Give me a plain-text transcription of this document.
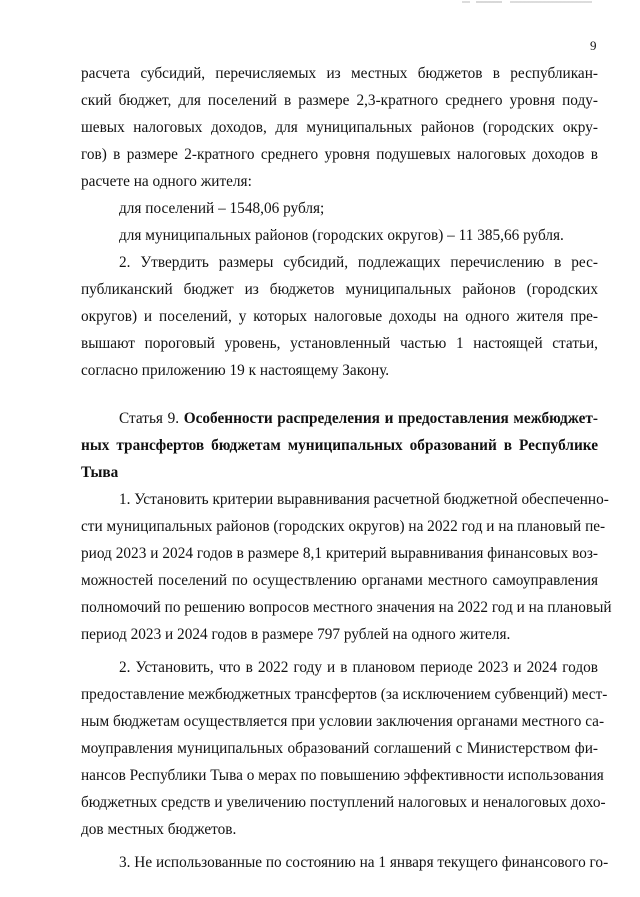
9
расчета субсидий, перечисляемых из местных бюджетов в республикан-
ский бюджет, для поселений в размере 2,3-кратного среднего уровня поду-
шевых налоговых доходов, для муниципальных районов (городских окру-
гов) в размере 2-кратного среднего уровня подушевых налоговых доходов в
расчете на одного жителя:
для поселений – 1548,06 рубля;
для муниципальных районов (городских округов) – 11 385,66 рубля.
2. Утвердить размеры субсидий, подлежащих перечислению в рес-
публиканский бюджет из бюджетов муниципальных районов (городских
округов) и поселений, у которых налоговые доходы на одного жителя пре-
вышают пороговый уровень, установленный частью 1 настоящей статьи,
согласно приложению 19 к настоящему Закону.
Статья 9. Особенности распределения и предоставления межбюджет-
ных трансфертов бюджетам муниципальных образований в Республике
Тыва
1. Установить критерии выравнивания расчетной бюджетной обеспеченно-
сти муниципальных районов (городских округов) на 2022 год и на плановый пе-
риод 2023 и 2024 годов в размере 8,1 критерий выравнивания финансовых воз-
можностей поселений по осуществлению органами местного самоуправления
полномочий по решению вопросов местного значения на 2022 год и на плановый
период 2023 и 2024 годов в размере 797 рублей на одного жителя.
2. Установить, что в 2022 году и в плановом периоде 2023 и 2024 годов
предоставление межбюджетных трансфертов (за исключением субвенций) мест-
ным бюджетам осуществляется при условии заключения органами местного са-
моуправления муниципальных образований соглашений с Министерством фи-
нансов Республики Тыва о мерах по повышению эффективности использования
бюджетных средств и увеличению поступлений налоговых и неналоговых дохо-
дов местных бюджетов.
3. Не использованные по состоянию на 1 января текущего финансового го-
